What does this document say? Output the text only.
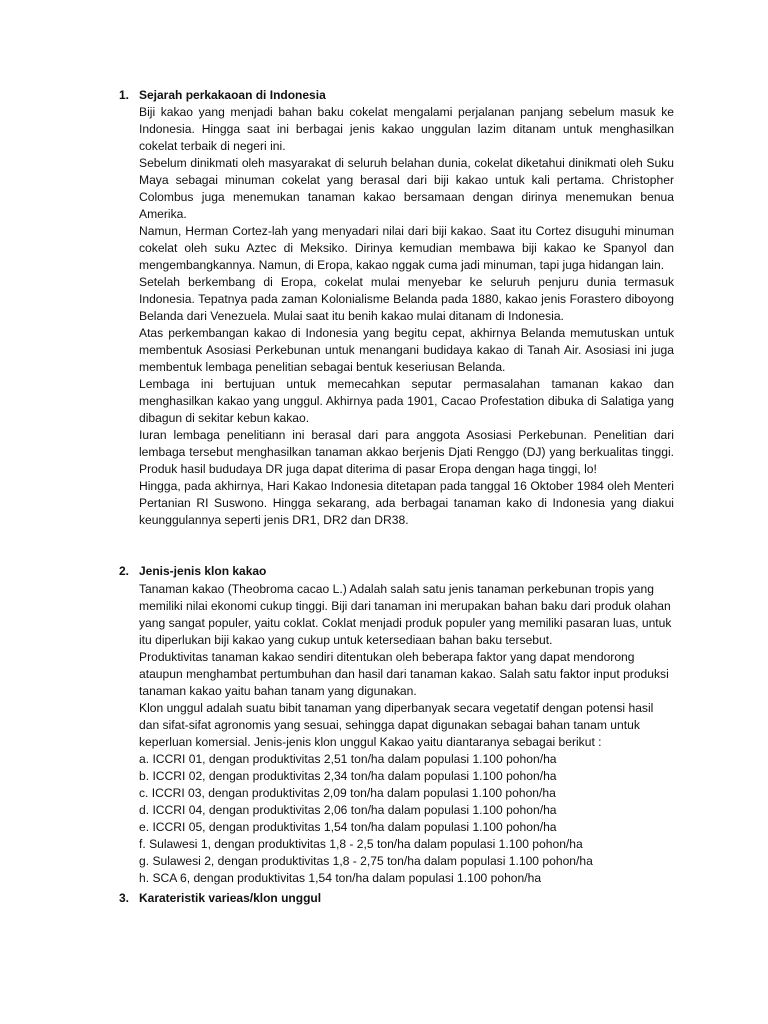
1. Sejarah perkakaoan di Indonesia

Biji kakao yang menjadi bahan baku cokelat mengalami perjalanan panjang sebelum masuk ke Indonesia. Hingga saat ini berbagai jenis kakao unggulan lazim ditanam untuk menghasilkan cokelat terbaik di negeri ini.

Sebelum dinikmati oleh masyarakat di seluruh belahan dunia, cokelat diketahui dinikmati oleh Suku Maya sebagai minuman cokelat yang berasal dari biji kakao untuk kali pertama. Christopher Colombus juga menemukan tanaman kakao bersamaan dengan dirinya menemukan benua Amerika.

Namun, Herman Cortez-lah yang menyadari nilai dari biji kakao. Saat itu Cortez disuguhi minuman cokelat oleh suku Aztec di Meksiko. Dirinya kemudian membawa biji kakao ke Spanyol dan mengembangkannya. Namun, di Eropa, kakao nggak cuma jadi minuman, tapi juga hidangan lain.

Setelah berkembang di Eropa, cokelat mulai menyebar ke seluruh penjuru dunia termasuk Indonesia. Tepatnya pada zaman Kolonialisme Belanda pada 1880, kakao jenis Forastero diboyong Belanda dari Venezuela. Mulai saat itu benih kakao mulai ditanam di Indonesia.

Atas perkembangan kakao di Indonesia yang begitu cepat, akhirnya Belanda memutuskan untuk membentuk Asosiasi Perkebunan untuk menangani budidaya kakao di Tanah Air. Asosiasi ini juga membentuk lembaga penelitian sebagai bentuk keseriusan Belanda.

Lembaga ini bertujuan untuk memecahkan seputar permasalahan tamanan kakao dan menghasilkan kakao yang unggul. Akhirnya pada 1901, Cacao Profestation dibuka di Salatiga yang dibagun di sekitar kebun kakao.

Iuran lembaga penelitiann ini berasal dari para anggota Asosiasi Perkebunan. Penelitian dari lembaga tersebut menghasilkan tanaman akkao berjenis Djati Renggo (DJ) yang berkualitas tinggi. Produk hasil bududaya DR juga dapat diterima di pasar Eropa dengan haga tinggi, lo!

Hingga, pada akhirnya, Hari Kakao Indonesia ditetapan pada tanggal 16 Oktober 1984 oleh Menteri Pertanian RI Suswono. Hingga sekarang, ada berbagai tanaman kako di Indonesia yang diakui keunggulannya seperti jenis DR1, DR2 dan DR38.

2. Jenis-jenis klon kakao

Tanaman kakao (Theobroma cacao L.) Adalah salah satu jenis tanaman perkebunan tropis yang memiliki nilai ekonomi cukup tinggi. Biji dari tanaman ini merupakan bahan baku dari produk olahan yang sangat populer, yaitu coklat. Coklat menjadi produk populer yang memiliki pasaran luas, untuk itu diperlukan biji kakao yang cukup untuk ketersediaan bahan baku tersebut.

Produktivitas tanaman kakao sendiri ditentukan oleh beberapa faktor yang dapat mendorong ataupun menghambat pertumbuhan dan hasil dari tanaman kakao. Salah satu faktor input produksi tanaman kakao yaitu bahan tanam yang digunakan.

Klon unggul adalah suatu bibit tanaman yang diperbanyak secara vegetatif dengan potensi hasil dan sifat-sifat agronomis yang sesuai, sehingga dapat digunakan sebagai bahan tanam untuk keperluan komersial. Jenis-jenis klon unggul Kakao yaitu diantaranya sebagai berikut :

a. ICCRI 01, dengan produktivitas 2,51 ton/ha dalam populasi 1.100 pohon/ha
b. ICCRI 02, dengan produktivitas 2,34 ton/ha dalam populasi 1.100 pohon/ha
c. ICCRI 03, dengan produktivitas 2,09 ton/ha dalam populasi 1.100 pohon/ha
d. ICCRI 04, dengan produktivitas 2,06 ton/ha dalam populasi 1.100 pohon/ha
e. ICCRI 05, dengan produktivitas 1,54 ton/ha dalam populasi 1.100 pohon/ha
f. Sulawesi 1, dengan produktivitas 1,8 - 2,5 ton/ha dalam populasi 1.100 pohon/ha
g. Sulawesi 2, dengan produktivitas 1,8 - 2,75 ton/ha dalam populasi 1.100 pohon/ha
h. SCA 6, dengan produktivitas 1,54 ton/ha dalam populasi 1.100 pohon/ha
3. Karateristik varieas/klon unggul
